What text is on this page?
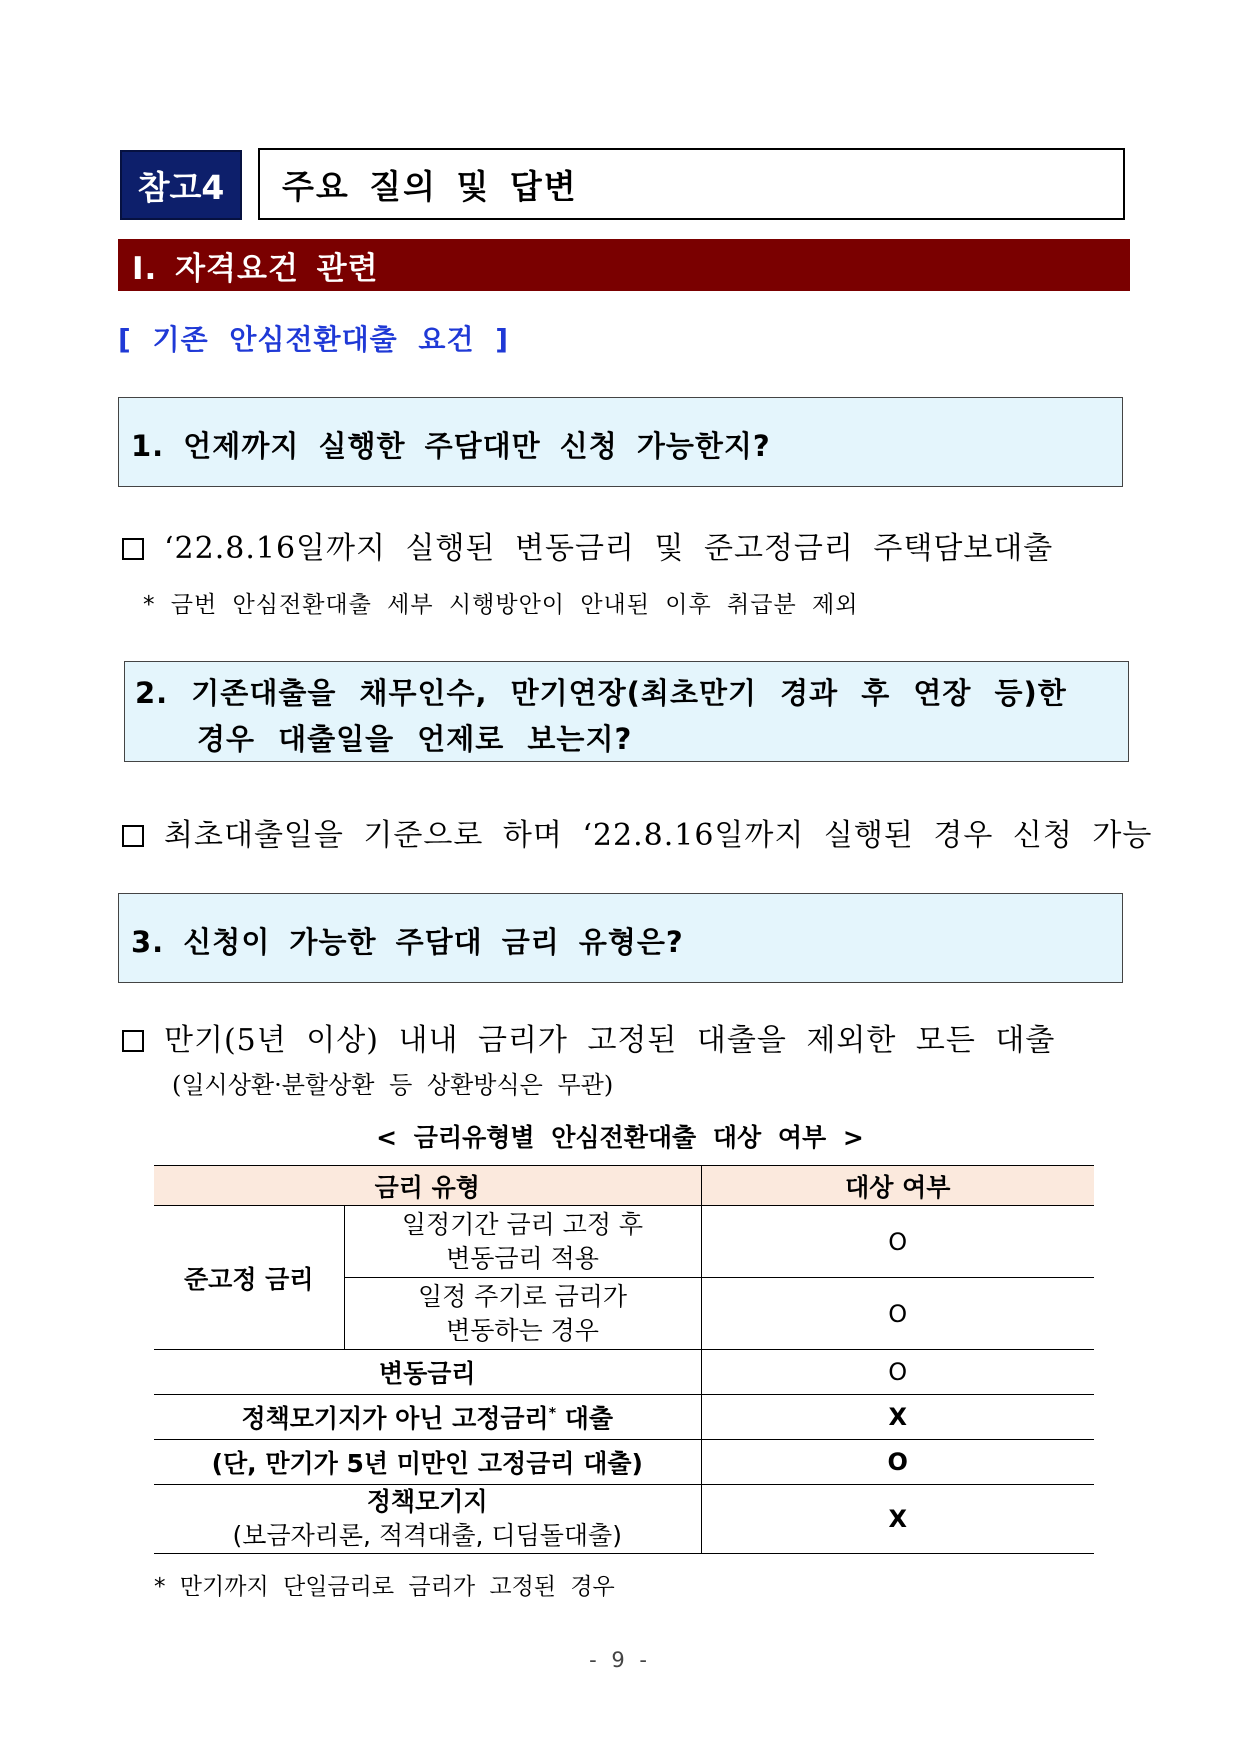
참고4	주요 질의 및 답변
Ⅰ. 자격요건 관련
[ 기존 안심전환대출 요건 ]
1. 언제까지 실행한 주담대만 신청 가능한지?
‘22.8.16일까지 실행된 변동금리 및 준고정금리 주택담보대출
* 금번 안심전환대출 세부 시행방안이 안내된 이후 취급분 제외
2. 기존대출을 채무인수, 만기연장(최초만기 경과 후 연장 등)한
경우 대출일을 언제로 보는지?
최초대출일을 기준으로 하며 ‘22.8.16일까지 실행된 경우 신청 가능
3. 신청이 가능한 주담대 금리 유형은?
만기(5년 이상) 내내 금리가 고정된 대출을 제외한 모든 대출
(일시상환·분할상환 등 상환방식은 무관)
< 금리유형별 안심전환대출 대상 여부 >
금리 유형		대상 여부
준고정 금리	일정기간 금리 고정 후
변동금리 적용	O

	일정 주기로 금리가
변동하는 경우	O
변동금리		O
정책모기지가 아닌 고정금리* 대출		X
(단, 만기가 5년 미만인 고정금리 대출)		O

정책모기지
(보금자리론, 적격대출, 디딤돌대출)		X
* 만기까지 단일금리로 금리가 고정된 경우
- 9 -
